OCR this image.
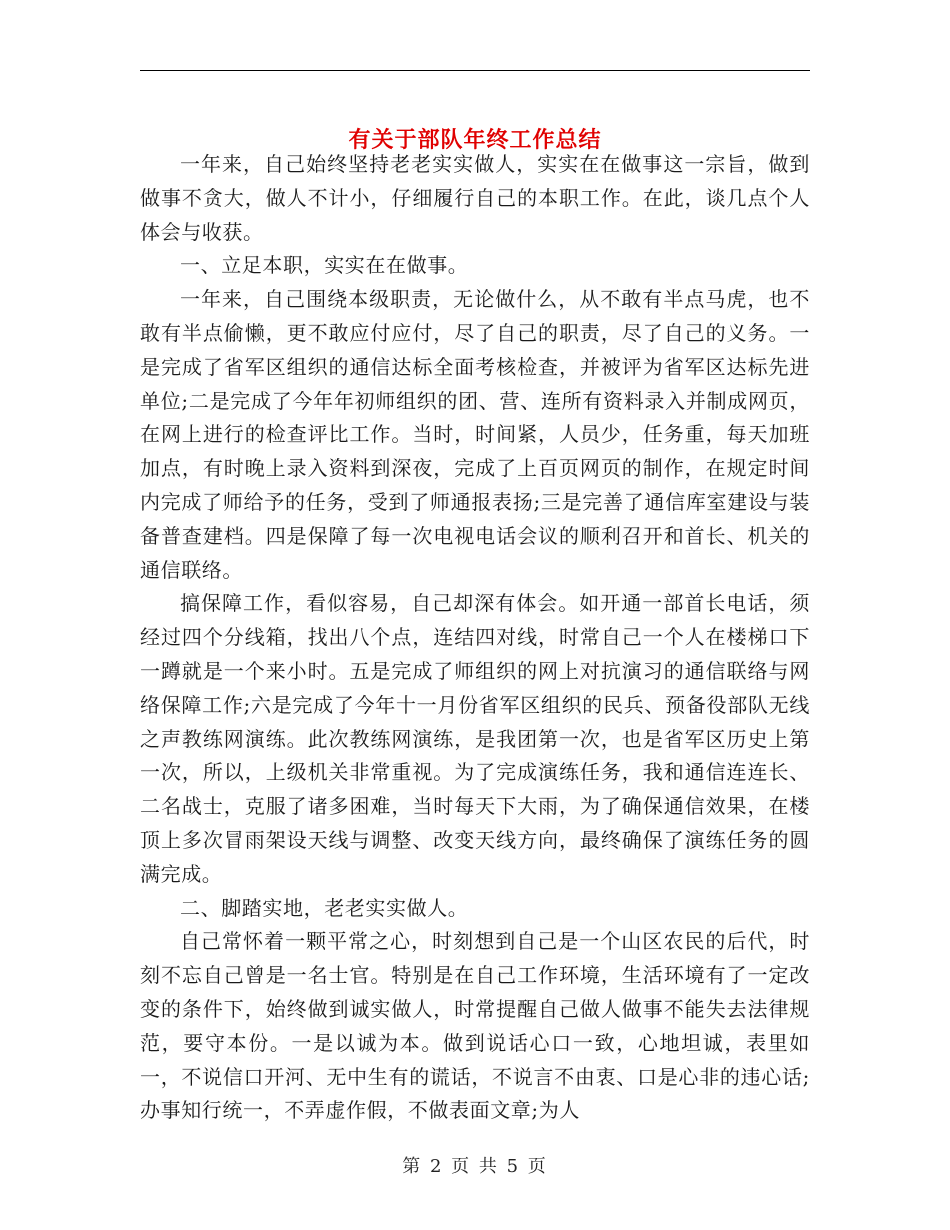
有关于部队年终工作总结

一年来，自己始终坚持老老实实做人，实实在在做事这一宗旨，做到做事不贪大，做人不计小，仔细履行自己的本职工作。在此，谈几点个人体会与收获。

一、立足本职，实实在在做事。

一年来，自己围绕本级职责，无论做什么，从不敢有半点马虎，也不敢有半点偷懒，更不敢应付应付，尽了自己的职责，尽了自己的义务。一是完成了省军区组织的通信达标全面考核检查，并被评为省军区达标先进单位;二是完成了今年年初师组织的团、营、连所有资料录入并制成网页，在网上进行的检查评比工作。当时，时间紧，人员少，任务重，每天加班加点，有时晚上录入资料到深夜，完成了上百页网页的制作，在规定时间内完成了师给予的任务，受到了师通报表扬;三是完善了通信库室建设与装备普查建档。四是保障了每一次电视电话会议的顺利召开和首长、机关的通信联络。

搞保障工作，看似容易，自己却深有体会。如开通一部首长电话，须经过四个分线箱，找出八个点，连结四对线，时常自己一个人在楼梯口下一蹲就是一个来小时。五是完成了师组织的网上对抗演习的通信联络与网络保障工作;六是完成了今年十一月份省军区组织的民兵、预备役部队无线之声教练网演练。此次教练网演练，是我团第一次，也是省军区历史上第一次，所以，上级机关非常重视。为了完成演练任务，我和通信连连长、二名战士，克服了诸多困难，当时每天下大雨，为了确保通信效果，在楼顶上多次冒雨架设天线与调整、改变天线方向，最终确保了演练任务的圆满完成。

二、脚踏实地，老老实实做人。

自己常怀着一颗平常之心，时刻想到自己是一个山区农民的后代，时刻不忘自己曾是一名士官。特别是在自己工作环境，生活环境有了一定改变的条件下，始终做到诚实做人，时常提醒自己做人做事不能失去法律规范，要守本份。一是以诚为本。做到说话心口一致，心地坦诚，表里如一，不说信口开河、无中生有的谎话，不说言不由衷、口是心非的违心话;办事知行统一，不弄虚作假，不做表面文章;为人

第 2 页 共 5 页
